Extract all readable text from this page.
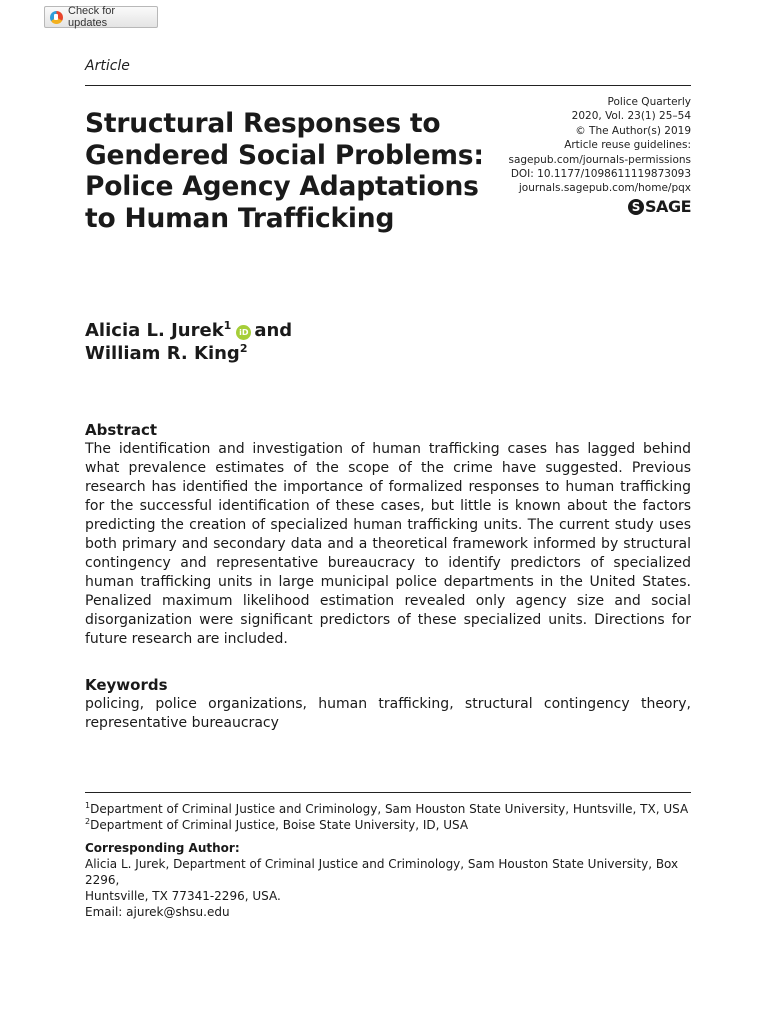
Check for updates
Article
Structural Responses to Gendered Social Problems: Police Agency Adaptations to Human Trafficking
Police Quarterly
2020, Vol. 23(1) 25–54
© The Author(s) 2019
Article reuse guidelines:
sagepub.com/journals-permissions
DOI: 10.1177/1098611119873093
journals.sagepub.com/home/pqx
S SAGE
Alicia L. Jurek$^1$iD and
William R. King$^2$
Abstract

The identification and investigation of human trafficking cases has lagged behind what prevalence estimates of the scope of the crime have suggested. Previous research has identified the importance of formalized responses to human trafficking for the successful identification of these cases, but little is known about the factors predicting the creation of specialized human trafficking units. The current study uses both primary and secondary data and a theoretical framework informed by structural contingency and representative bureaucracy to identify predictors of specialized human trafficking units in large municipal police departments in the United States. Penalized maximum likelihood estimation revealed only agency size and social disorganization were significant predictors of these specialized units. Directions for future research are included.

Keywords

policing, police organizations, human trafficking, structural contingency theory, representative bureaucracy

$^1$Department of Criminal Justice and Criminology, Sam Houston State University, Huntsville, TX, USA
$^2$Department of Criminal Justice, Boise State University, ID, USA
Corresponding Author:
Alicia L. Jurek, Department of Criminal Justice and Criminology, Sam Houston State University, Box 2296,
Huntsville, TX 77341-2296, USA.
Email: ajurek@shsu.edu
